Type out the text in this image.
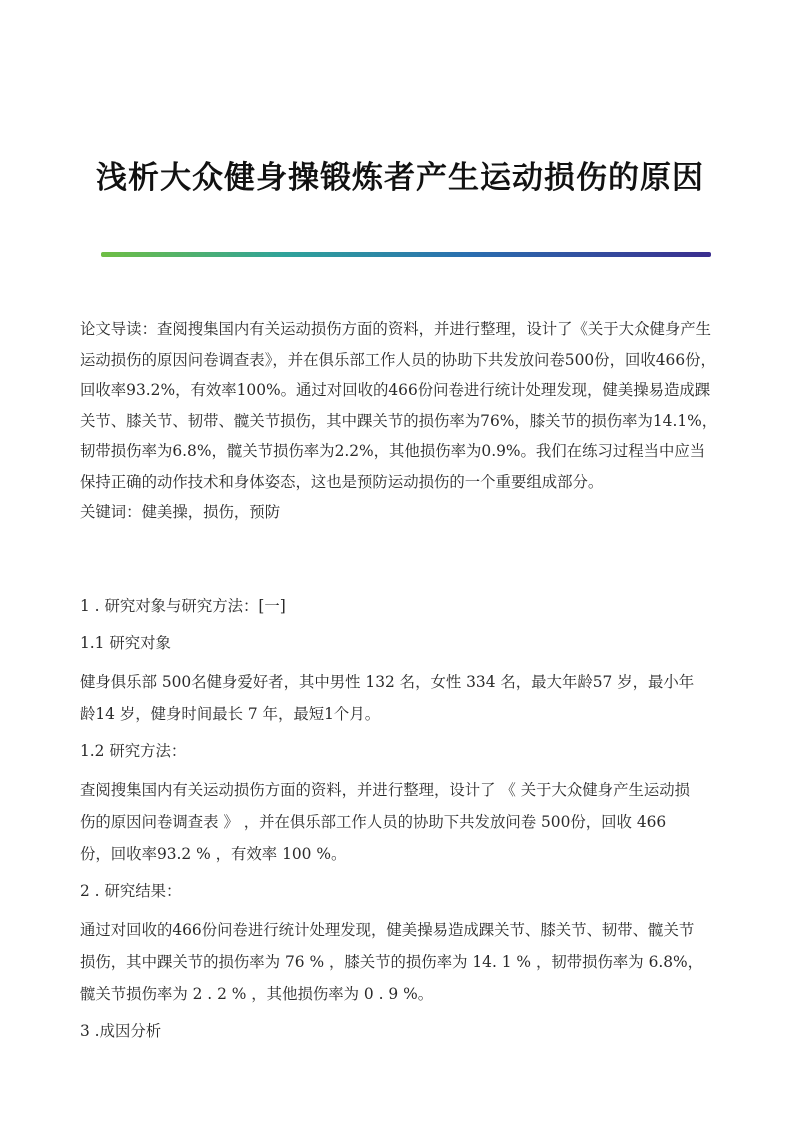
浅析大众健身操锻炼者产生运动损伤的原因

论文导读：查阅搜集国内有关运动损伤方面的资料，并进行整理，设计了《关于大众健身产生运动损伤的原因问卷调查表》，并在俱乐部工作人员的协助下共发放问卷500份，回收466份，回收率93.2%，有效率100%。通过对回收的466份问卷进行统计处理发现，健美操易造成踝关节、膝关节、韧带、髋关节损伤，其中踝关节的损伤率为76%，膝关节的损伤率为14.1%，韧带损伤率为6.8%，髋关节损伤率为2.2%，其他损伤率为0.9%。我们在练习过程当中应当保持正确的动作技术和身体姿态，这也是预防运动损伤的一个重要组成部分。

关键词：健美操，损伤，预防

1 . 研究对象与研究方法：[一]
1.1 研究对象
健身俱乐部 500名健身爱好者，其中男性 132 名，女性 334 名，最大年龄57 岁，最小年
龄14 岁，健身时间最长 7 年，最短1个月。
1.2 研究方法：
查阅搜集国内有关运动损伤方面的资料，并进行整理，设计了 《 关于大众健身产生运动损
伤的原因问卷调查表 》 ，并在俱乐部工作人员的协助下共发放问卷 500份，回收 466
份，回收率93.2 % ，有效率 100 %。
2 . 研究结果：
通过对回收的466份问卷进行统计处理发现，健美操易造成踝关节、膝关节、韧带、髋关节
损伤，其中踝关节的损伤率为 76 % ，膝关节的损伤率为 14. 1 % ，韧带损伤率为 6.8%，
髋关节损伤率为 2 . 2 % ，其他损伤率为 0 . 9 %。
3 .成因分析
